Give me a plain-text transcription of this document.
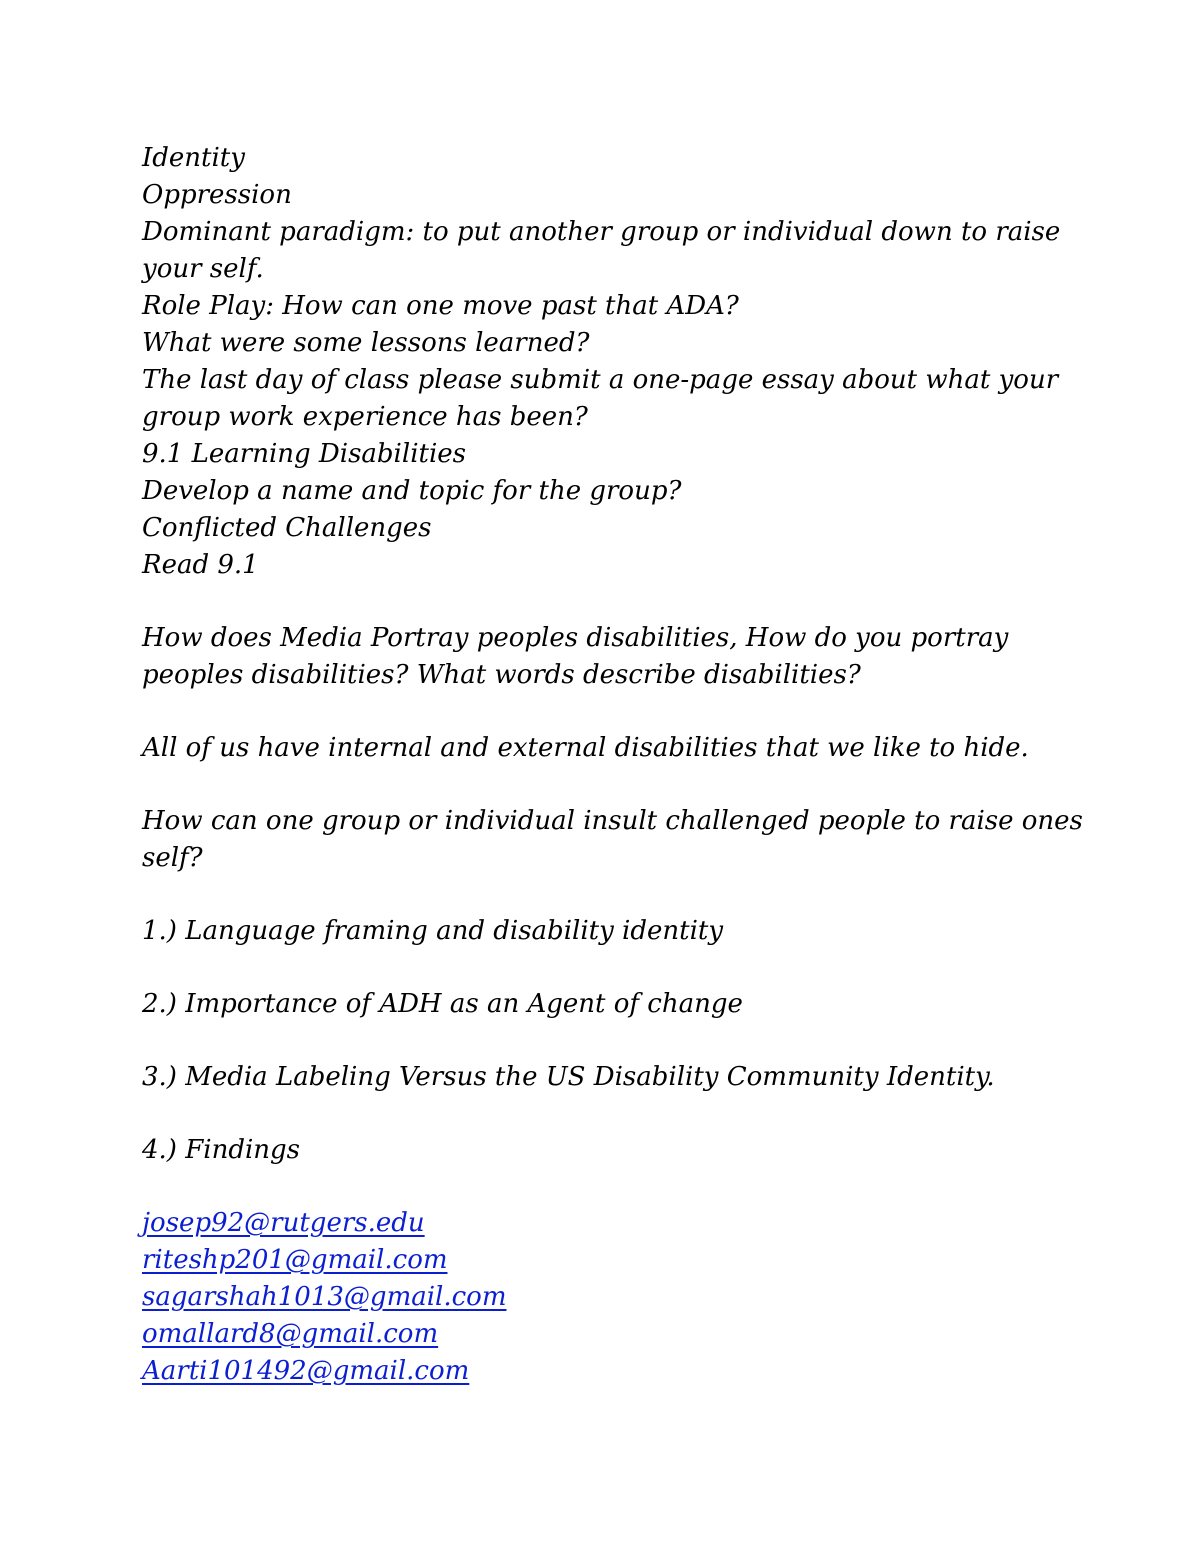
Identity
Oppression
Dominant paradigm: to put another group or individual down to raise
your self.
Role Play: How can one move past that ADA?
What were some lessons learned?
The last day of class please submit a one-page essay about what your
group work experience has been?
9.1 Learning Disabilities
Develop a name and topic for the group?
Conflicted Challenges
Read 9.1
How does Media Portray peoples disabilities, How do you portray
peoples disabilities? What words describe disabilities?
All of us have internal and external disabilities that we like to hide.
How can one group or individual insult challenged people to raise ones
self?
1.) Language framing and disability identity
2.) Importance of ADH as an Agent of change
3.) Media Labeling Versus the US Disability Community Identity.
4.) Findings
josep92@rutgers.edu
riteshp201@gmail.com
sagarshah1013@gmail.com
omallard8@gmail.com
Aarti101492@gmail.com
